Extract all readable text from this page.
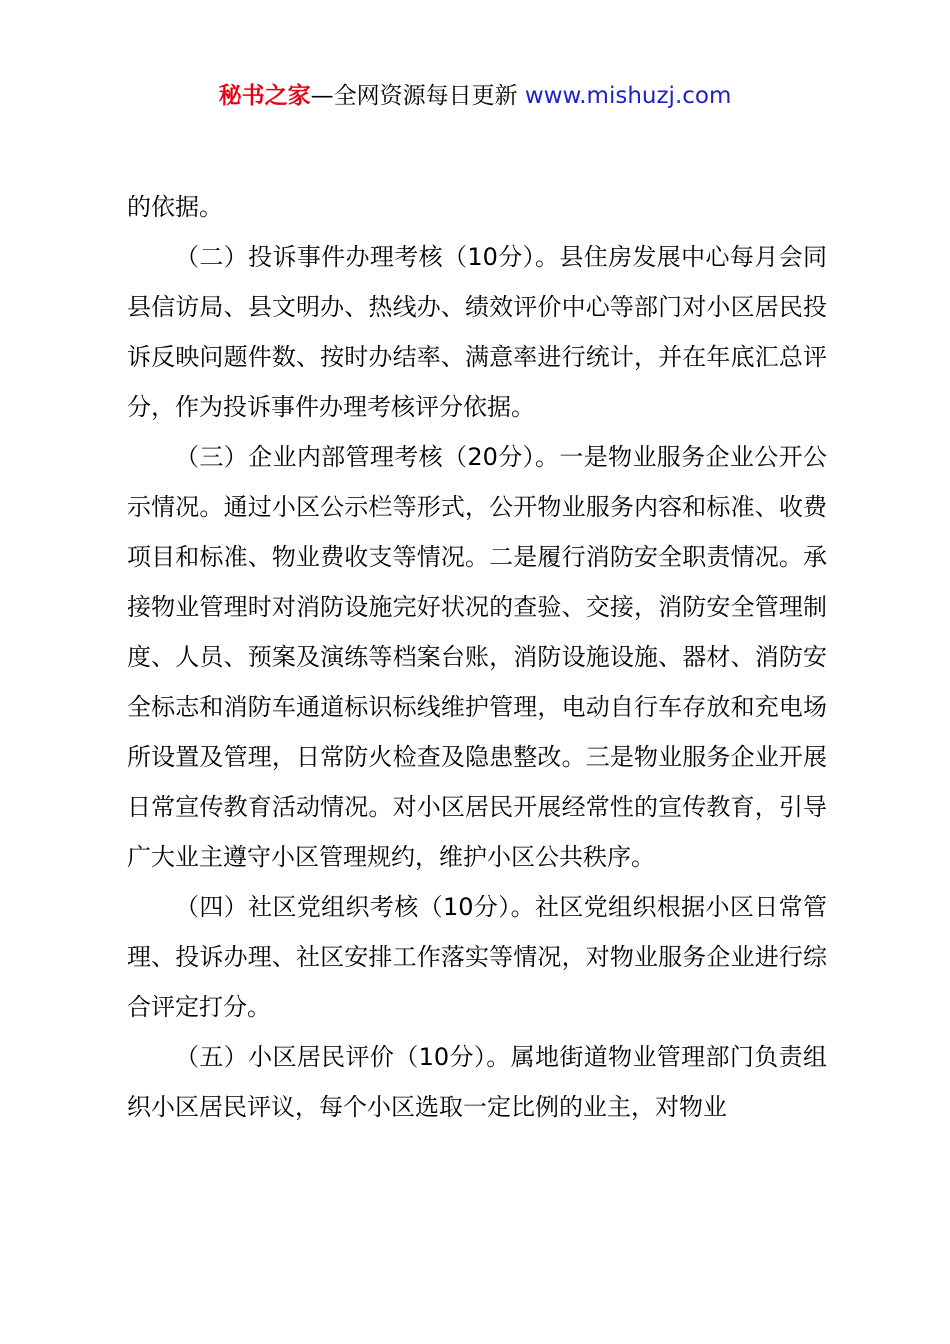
秘书之家—全网资源每日更新 www.mishuzj.com

的依据。

（二）投诉事件办理考核（10分）。县住房发展中心每月会同县信访局、县文明办、热线办、绩效评价中心等部门对小区居民投诉反映问题件数、按时办结率、满意率进行统计，并在年底汇总评分，作为投诉事件办理考核评分依据。

（三）企业内部管理考核（20分）。一是物业服务企业公开公示情况。通过小区公示栏等形式，公开物业服务内容和标准、收费项目和标准、物业费收支等情况。二是履行消防安全职责情况。承接物业管理时对消防设施完好状况的查验、交接，消防安全管理制度、人员、预案及演练等档案台账，消防设施设施、器材、消防安全标志和消防车通道标识标线维护管理，电动自行车存放和充电场所设置及管理，日常防火检查及隐患整改。三是物业服务企业开展日常宣传教育活动情况。对小区居民开展经常性的宣传教育，引导广大业主遵守小区管理规约，维护小区公共秩序。

（四）社区党组织考核（10分）。社区党组织根据小区日常管理、投诉办理、社区安排工作落实等情况，对物业服务企业进行综合评定打分。

（五）小区居民评价（10分）。属地街道物业管理部门负责组织小区居民评议，每个小区选取一定比例的业主，对物业
